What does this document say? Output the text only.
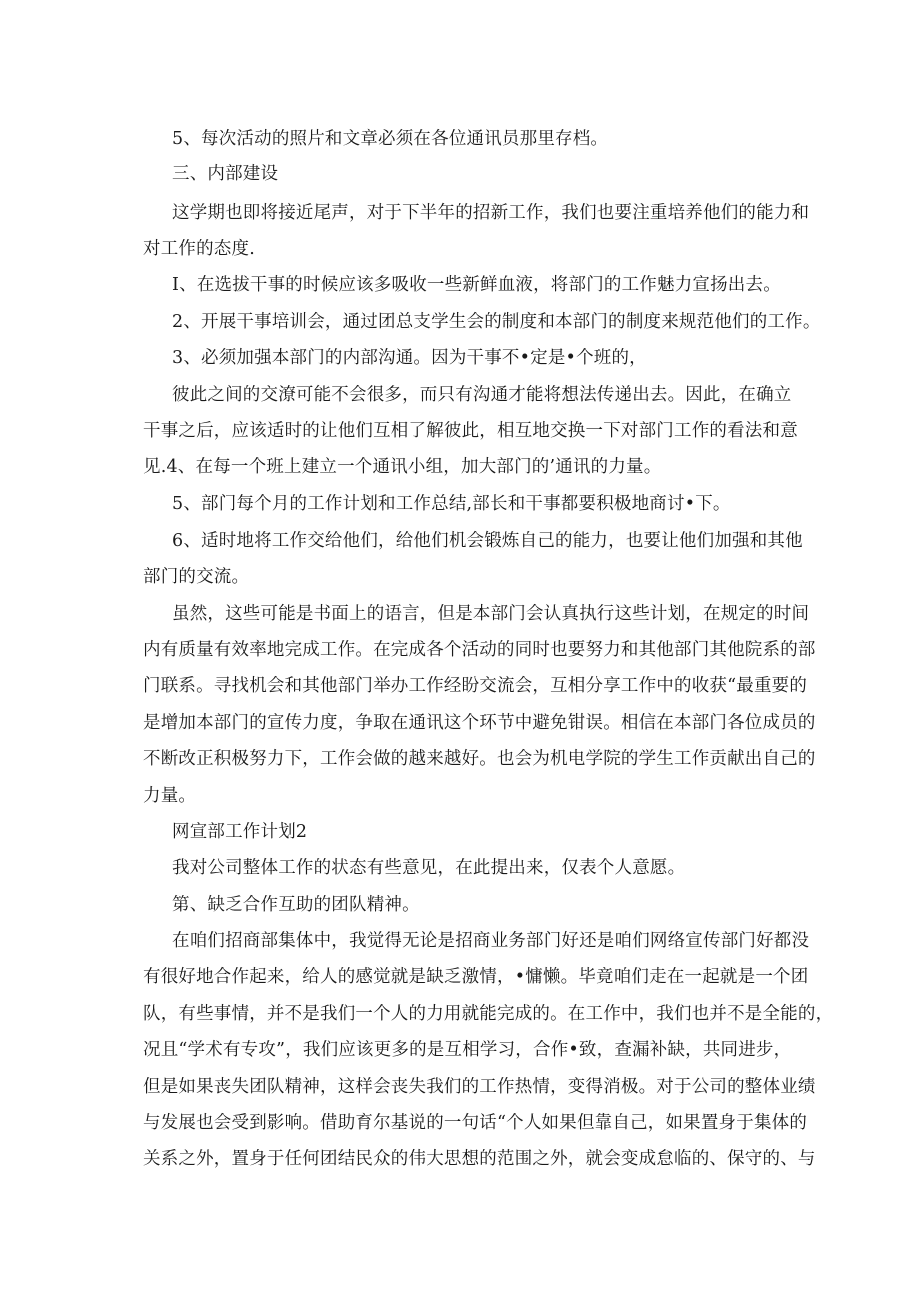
5、每次活动的照片和文章必须在各位通讯员那里存档。
三、内部建设
这学期也即将接近尾声，对于下半年的招新工作，我们也要注重培养他们的能力和
对工作的态度.
I、在选拔干事的时候应该多吸收一些新鲜血液，将部门的工作魅力宣扬出去。
2、开展干事培训会，通过团总支学生会的制度和本部门的制度来规范他们的工作。
3、必须加强本部门的内部沟通。因为干事不•定是•个班的，
彼此之间的交潦可能不会很多，而只有沟通才能将想法传递出去。因此，在确立
干事之后，应该适时的让他们互相了解彼此，相互地交换一下对部门工作的看法和意
见.4、在每一个班上建立一个通讯小组，加大部门的’通讯的力量。
5、部门每个月的工作计划和工作总结,部长和干事都要积极地商讨•下。
6、适时地将工作交给他们，给他们机会锻炼自己的能力，也要让他们加强和其他
部门的交流。
虽然，这些可能是书面上的语言，但是本部门会认真执行这些计划，在规定的时间
内有质量有效率地完成工作。在完成各个活动的同时也要努力和其他部门其他院系的部
门联系。寻找机会和其他部门举办工作经盼交流会，互相分享工作中的收获“最重要的
是增加本部门的宣传力度，争取在通讯这个环节中避免钳误。相信在本部门各位成员的
不断改正积极努力下，工作会做的越来越好。也会为机电学院的学生工作贡献出自己的
力量。
网宣部工作计划2
我对公司整体工作的状态有些意见，在此提出来，仅表个人意愿。
第、缺乏合作互助的团队精神。
在咱们招商部集体中，我觉得无论是招商业务部门好还是咱们网络宣传部门好都没
有很好地合作起来，给人的感觉就是缺乏激情，•慵懒。毕竟咱们走在一起就是一个团
队，有些事情，并不是我们一个人的力用就能完成的。在工作中，我们也并不是全能的，
况且“学术有专攻”，我们应该更多的是互相学习，合作•致，查漏补缺，共同进步，
但是如果丧失团队精神，这样会丧失我们的工作热情，变得消极。对于公司的整体业绩
与发展也会受到影响。借助育尔基说的一句话“个人如果但靠自己，如果置身于集体的
关系之外，置身于任何团结民众的伟大思想的范围之外，就会变成怠临的、保守的、与
